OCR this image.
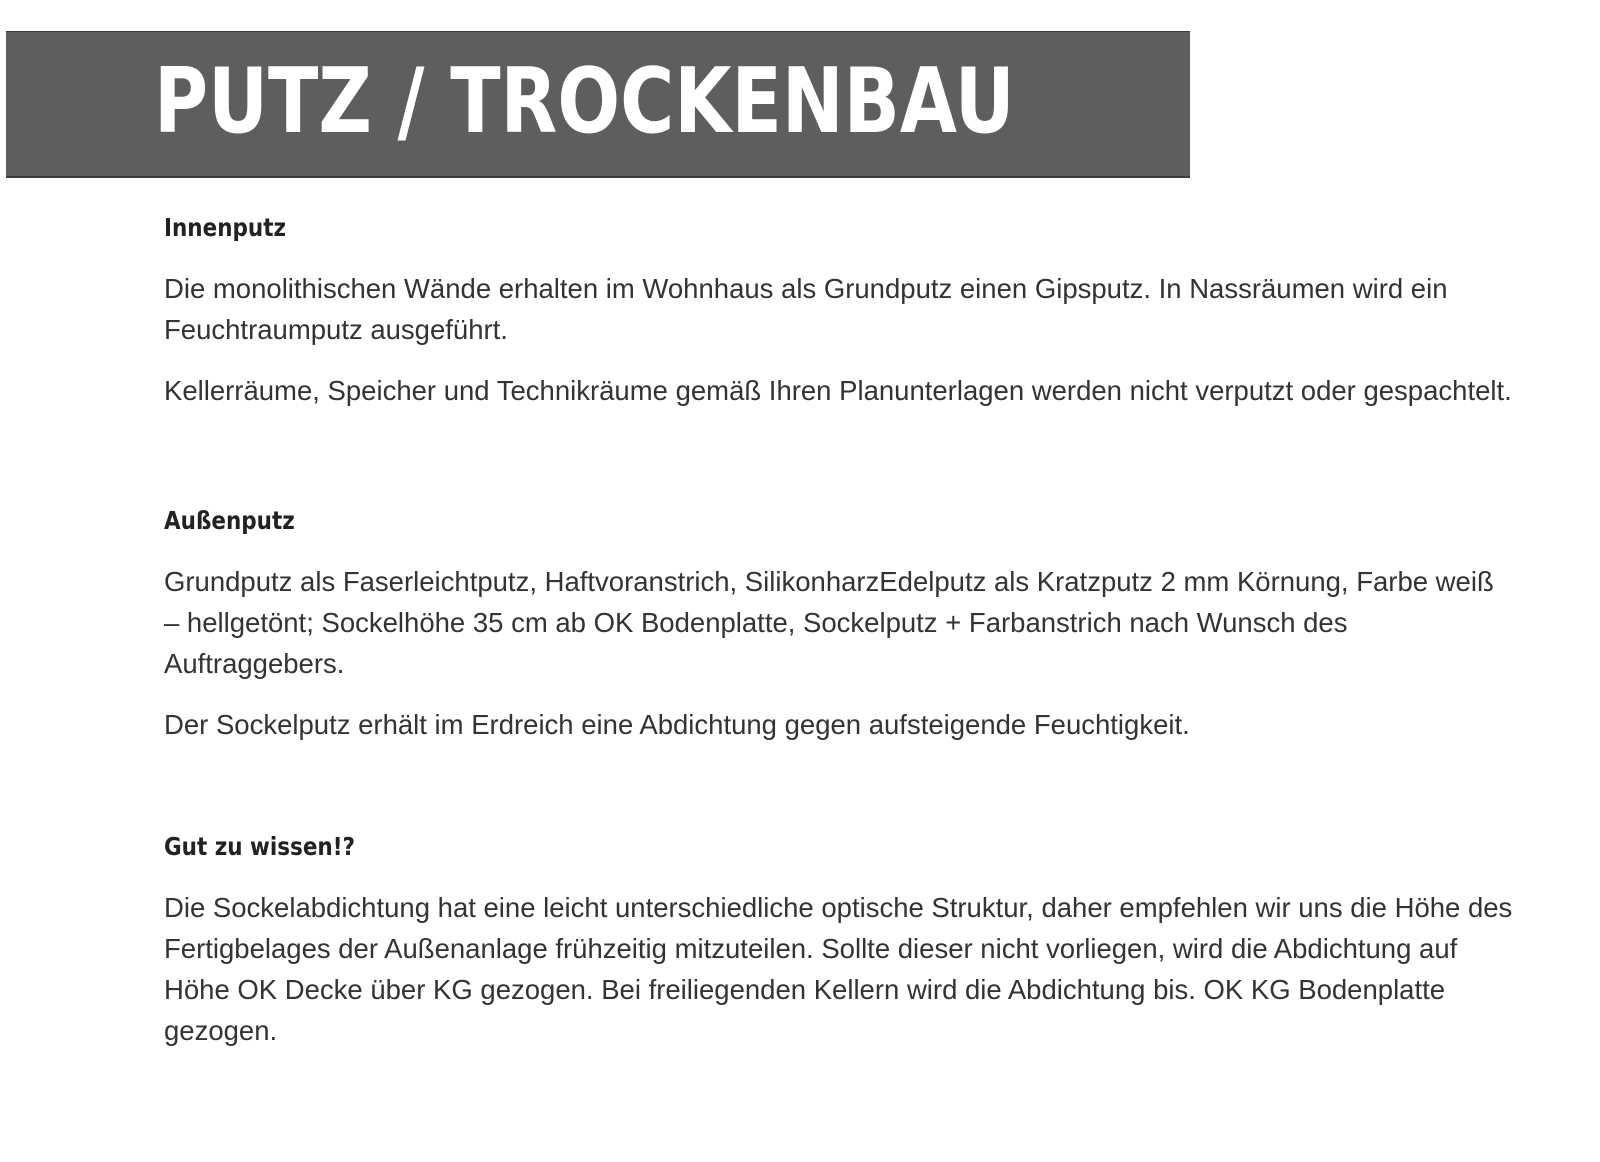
PUTZ / TROCKENBAU
Innenputz

Die monolithischen Wände erhalten im Wohnhaus als Grundputz einen Gipsputz. In Nassräumen wird ein Feuchtraumputz ausgeführt.

Kellerräume, Speicher und Technikräume gemäß Ihren Planunterlagen werden nicht verputzt oder gespachtelt.

Außenputz

Grundputz als Faserleichtputz, Haftvoranstrich, SilikonharzEdelputz als Kratzputz 2 mm Körnung, Farbe weiß – hellgetönt; Sockelhöhe 35 cm ab OK Bodenplatte, Sockelputz + Farbanstrich nach Wunsch des Auftraggebers.

Der Sockelputz erhält im Erdreich eine Abdichtung gegen aufsteigende Feuchtigkeit.

Gut zu wissen!?

Die Sockelabdichtung hat eine leicht unterschiedliche optische Struktur, daher empfehlen wir uns die Höhe des Fertigbelages der Außenanlage frühzeitig mitzuteilen. Sollte dieser nicht vorliegen, wird die Abdichtung auf Höhe OK Decke über KG gezogen. Bei freiliegenden Kellern wird die Abdichtung bis. OK KG Bodenplatte gezogen.
